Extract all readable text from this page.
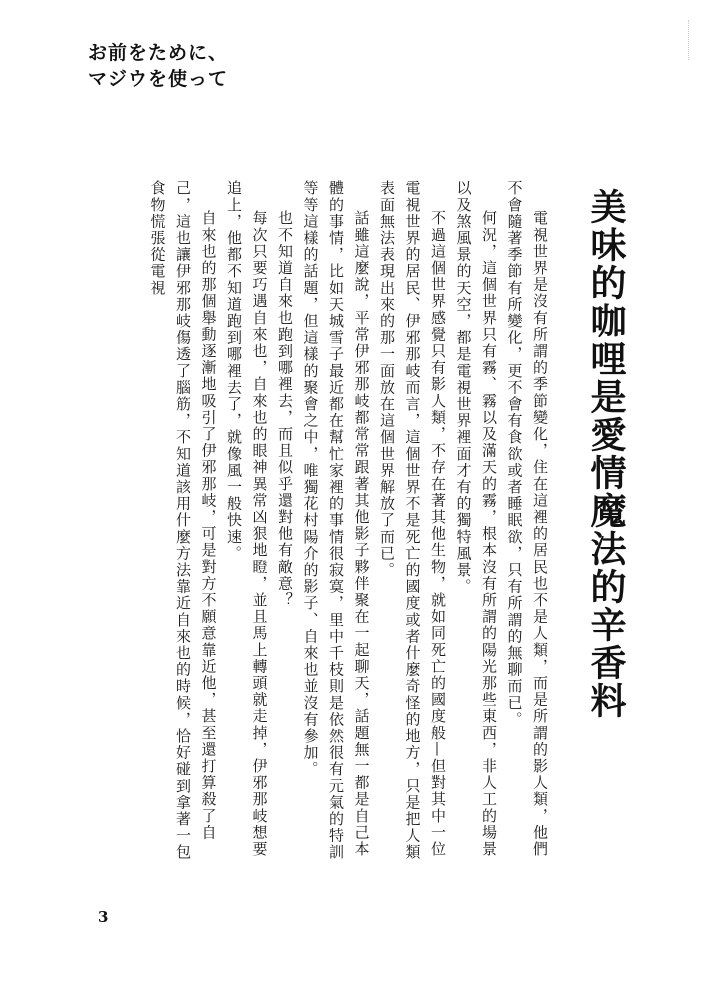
お前をために、
マジウを使って
美味的咖哩是愛情魔法的辛香料

電視世界是沒有所謂的季節變化，住在這裡的居民也不是人類，而是所謂的影人類，他們不會隨著季節有所變化，更不會有食欲或者睡眠欲，只有所謂的無聊而已。

何況，這個世界只有霧、霧以及滿天的霧，根本沒有所謂的陽光那些東西，非人工的場景以及煞風景的天空，都是電視世界裡面才有的獨特風景。

不過這個世界感覺只有影人類，不存在著其他生物，就如同死亡的國度般—但對其中一位電視世界的居民、伊邪那岐而言，這個世界不是死亡的國度或者什麼奇怪的地方，只是把人類表面無法表現出來的那一面放在這個世界解放了而已。

話雖這麼說，平常伊邪那岐都常常跟著其他影子夥伴聚在一起聊天，話題無一都是自己本體的事情，比如天城雪子最近都在幫忙家裡的事情很寂寞，里中千枝則是依然很有元氣的特訓等等這樣的話題，但這樣的聚會之中，唯獨花村陽介的影子、自來也並沒有參加。

也不知道自來也跑到哪裡去，而且似乎還對他有敵意？

每次只要巧遇自來也，自來也的眼神異常凶狠地瞪，並且馬上轉頭就走掉，伊邪那岐想要追上，他都不知道跑到哪裡去了，就像風一般快速。

自來也的那個舉動逐漸地吸引了伊邪那岐，可是對方不願意靠近他，甚至還打算殺了自己，這也讓伊邪那岐傷透了腦筋，不知道該用什麼方法靠近自來也的時候，恰好碰到拿著一包食物慌張從電視

3
